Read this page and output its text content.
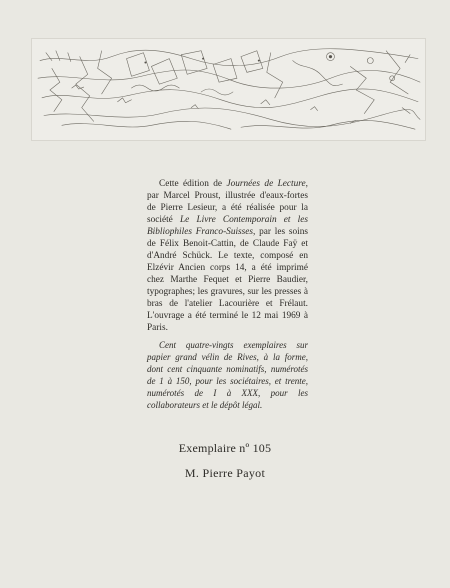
Cette édition de Journées de Lecture, par Marcel Proust, illustrée d'eaux-fortes de Pierre Lesieur, a été réalisée pour la société Le Livre Contemporain et les Bibliophiles Franco-Suisses, par les soins de Félix Benoit-Cattin, de Claude Faÿ et d'André Schück. Le texte, composé en Elzévir Ancien corps 14, a été imprimé chez Marthe Fequet et Pierre Baudier, typographes; les gravures, sur les presses à bras de l'atelier Lacourière et Frélaut. L'ouvrage a été terminé le 12 mai 1969 à Paris.

Cent quatre-vingts exemplaires sur papier grand vélin de Rives, à la forme, dont cent cinquante nominatifs, numérotés de 1 à 150, pour les sociétaires, et trente, numérotés de I à XXX, pour les collaborateurs et le dépôt légal.

Exemplaire nº 105
M. Pierre Payot
